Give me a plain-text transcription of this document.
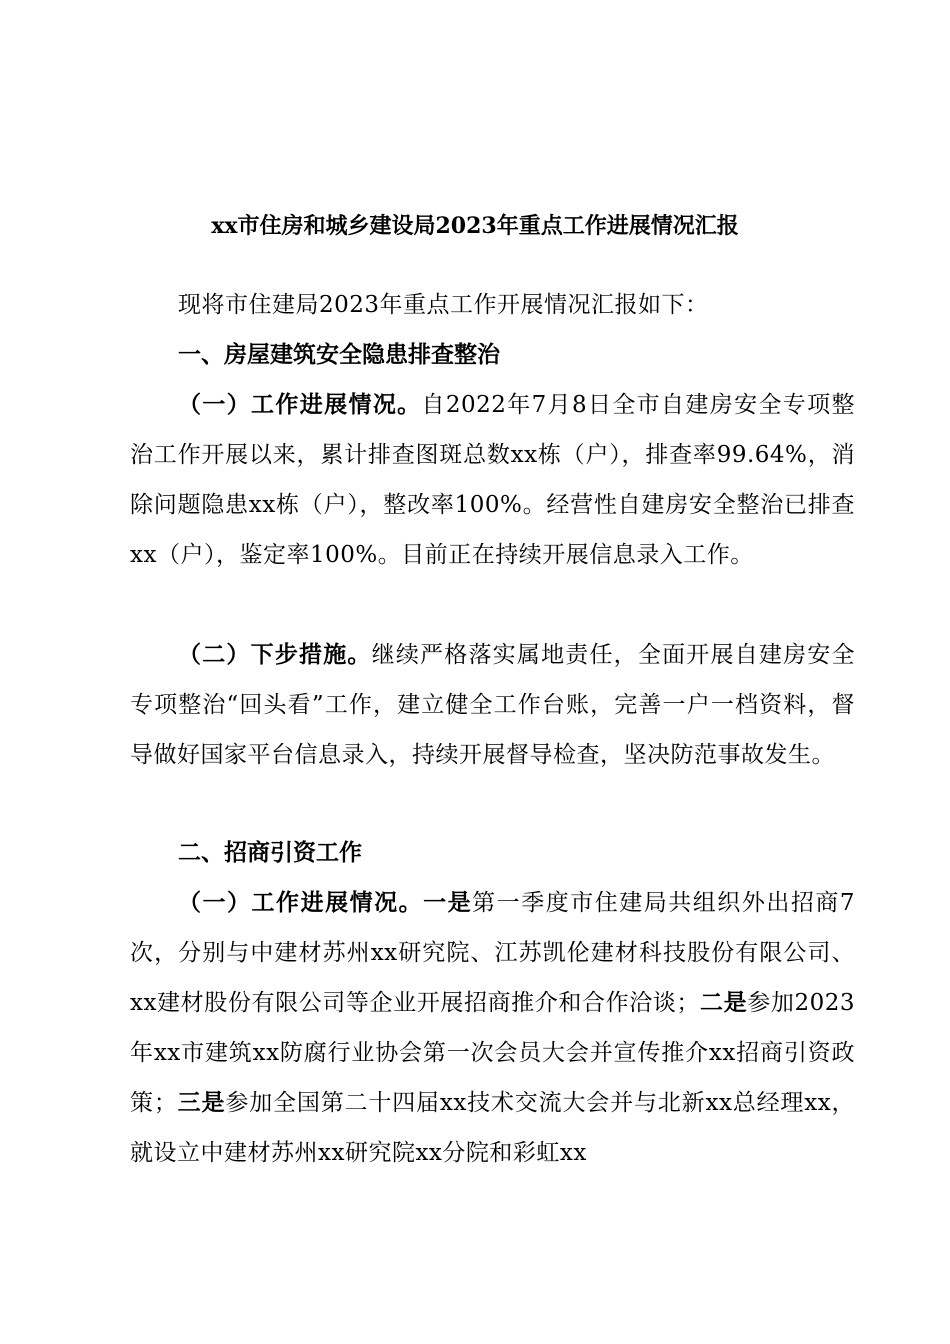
xx市住房和城乡建设局2023年重点工作进展情况汇报
现将市住建局2023年重点工作开展情况汇报如下：
一、房屋建筑安全隐患排查整治
（一）工作进展情况。自2022年7月8日全市自建房安全专项整治工作开展以来，累计排查图斑总数xx栋（户），排查率99.64%，消除问题隐患xx栋（户），整改率100%。经营性自建房安全整治已排查xx（户），鉴定率100%。目前正在持续开展信息录入工作。
（二）下步措施。继续严格落实属地责任，全面开展自建房安全专项整治“回头看”工作，建立健全工作台账，完善一户一档资料，督导做好国家平台信息录入，持续开展督导检查，坚决防范事故发生。
二、招商引资工作
（一）工作进展情况。一是第一季度市住建局共组织外出招商7次，分别与中建材苏州xx研究院、江苏凯伦建材科技股份有限公司、xx建材股份有限公司等企业开展招商推介和合作洽谈；二是参加2023年xx市建筑xx防腐行业协会第一次会员大会并宣传推介xx招商引资政策；三是参加全国第二十四届xx技术交流大会并与北新xx总经理xx，就设立中建材苏州xx研究院xx分院和彩虹xx
